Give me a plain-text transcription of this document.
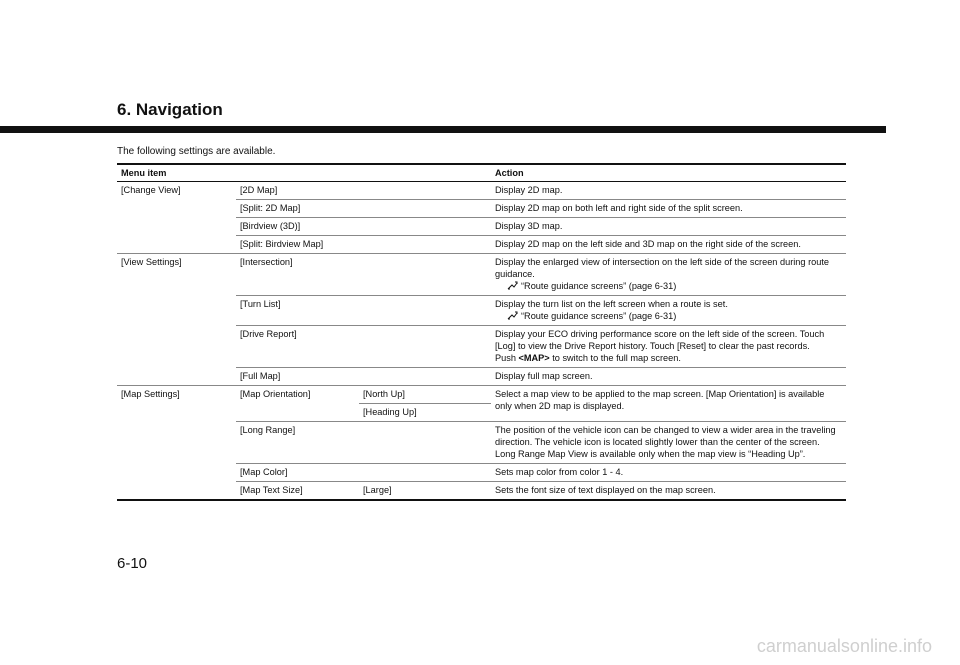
6. Navigation

The following settings are available.

Menu item			Action
[Change View]	[2D Map]		Display 2D map.
	[Split: 2D Map]		Display 2D map on both left and right side of the split screen.
	[Birdview (3D)]		Display 3D map.
	[Split: Birdview Map]		Display 2D map on the left side and 3D map on the right side of the screen.
[View Settings]	[Intersection]		Display the enlarged view of intersection on the left side of the screen during route guidance.
“Route guidance screens” (page 6-31)

	[Turn List]		Display the turn list on the left screen when a route is set.
“Route guidance screens” (page 6-31)

	[Drive Report]		Display your ECO driving performance score on the left side of the screen. Touch [Log] to view the Drive Report history. Touch [Reset] to clear the past records.
Push <MAP> to switch to the full map screen.
	[Full Map]		Display full map screen.
[Map Settings]	[Map Orientation]	[North Up]	Select a map view to be applied to the map screen. [Map Orientation] is available only when 2D map is displayed.
		[Heading Up]	
	[Long Range]		The position of the vehicle icon can be changed to view a wider area in the traveling direction. The vehicle icon is located slightly lower than the center of the screen. Long Range Map View is available only when the map view is “Heading Up”.
	[Map Color]		Sets map color from color 1 - 4.
	[Map Text Size]	[Large]	Sets the font size of text displayed on the map screen.

6-10

carmanualsonline.info
